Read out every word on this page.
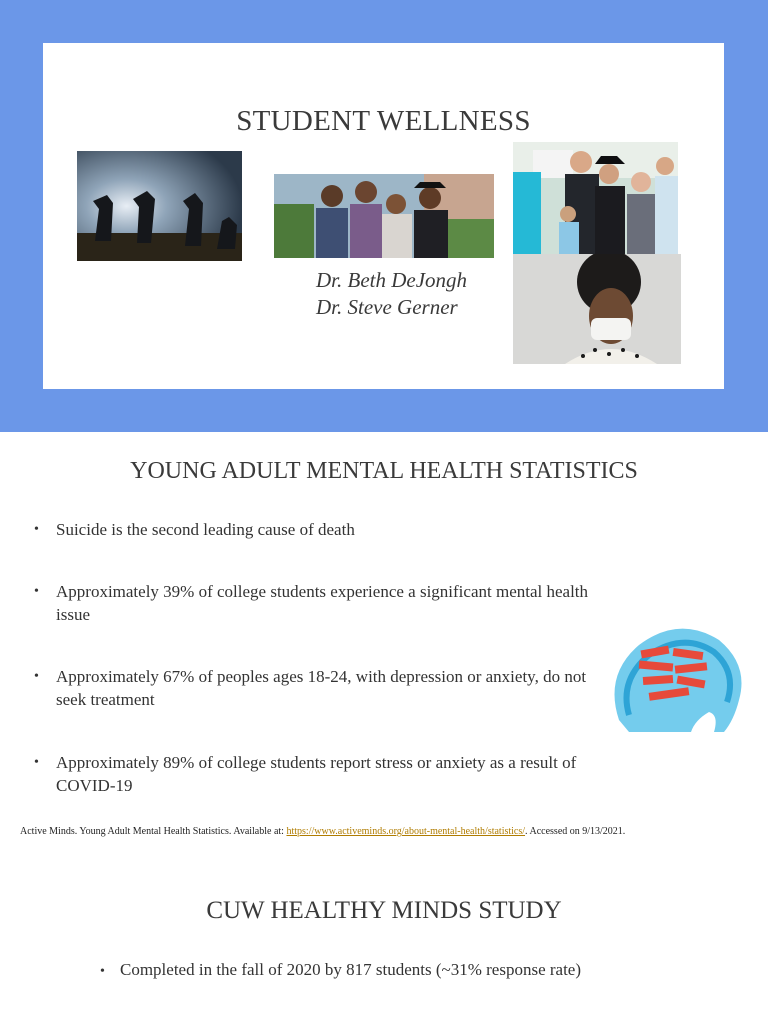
STUDENT WELLNESS
Dr. Beth DeJongh
Dr. Steve Gerner
YOUNG ADULT MENTAL HEALTH STATISTICS
• Suicide is the second leading cause of death
• Approximately 39% of college students experience a significant mental health issue
• Approximately 67% of peoples ages 18-24, with depression or anxiety, do not seek treatment
• Approximately 89% of college students report stress or anxiety as a result of COVID-19
Active Minds. Young Adult Mental Health Statistics. Available at: https://www.activeminds.org/about-mental-health/statistics/. Accessed on 9/13/2021.
CUW HEALTHY MINDS STUDY
• Completed in the fall of 2020 by 817 students (~31% response rate)
